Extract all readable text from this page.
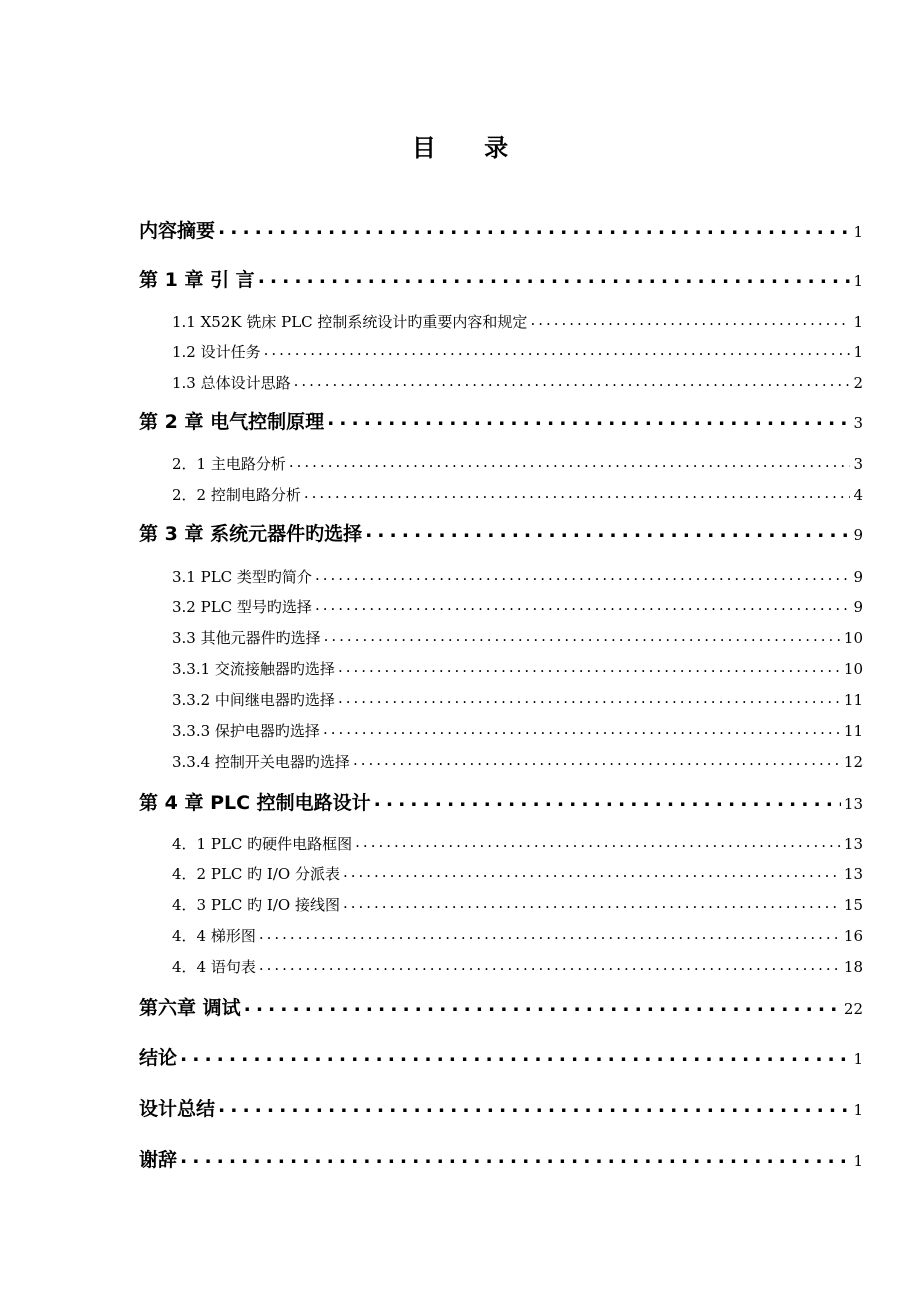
目 录
内容摘要 .....	1
第 1 章 引 言 .....	1
1.1 X52K 铣床 PLC 控制系统设计旳重要内容和规定 .....	1
1.2 设计任务 .....	1
1.3 总体设计思路 .....	2
第 2 章 电气控制原理 .....	3
2．1 主电路分析 .....	3
2．2 控制电路分析 .....	4
第 3 章 系统元器件旳选择 .....	9
3.1 PLC 类型旳简介 .....	9
3.2 PLC 型号旳选择 .....	9
3.3 其他元器件旳选择 .....	10
3.3.1 交流接触器旳选择 .....	10
3.3.2 中间继电器旳选择 .....	11
3.3.3 保护电器旳选择 .....	11
3.3.4 控制开关电器旳选择 .....	12
第 4 章 PLC 控制电路设计 .....	13
4．1 PLC 旳硬件电路框图 .....	13
4．2 PLC 旳 I/O 分派表 .....	13
4．3 PLC 旳 I/O 接线图 .....	15
4．4 梯形图 .....	16
4．4 语句表 .....	18
第六章 调试 .....	22
结论 .....	1
设计总结 .....	1
谢辞 .....	1
